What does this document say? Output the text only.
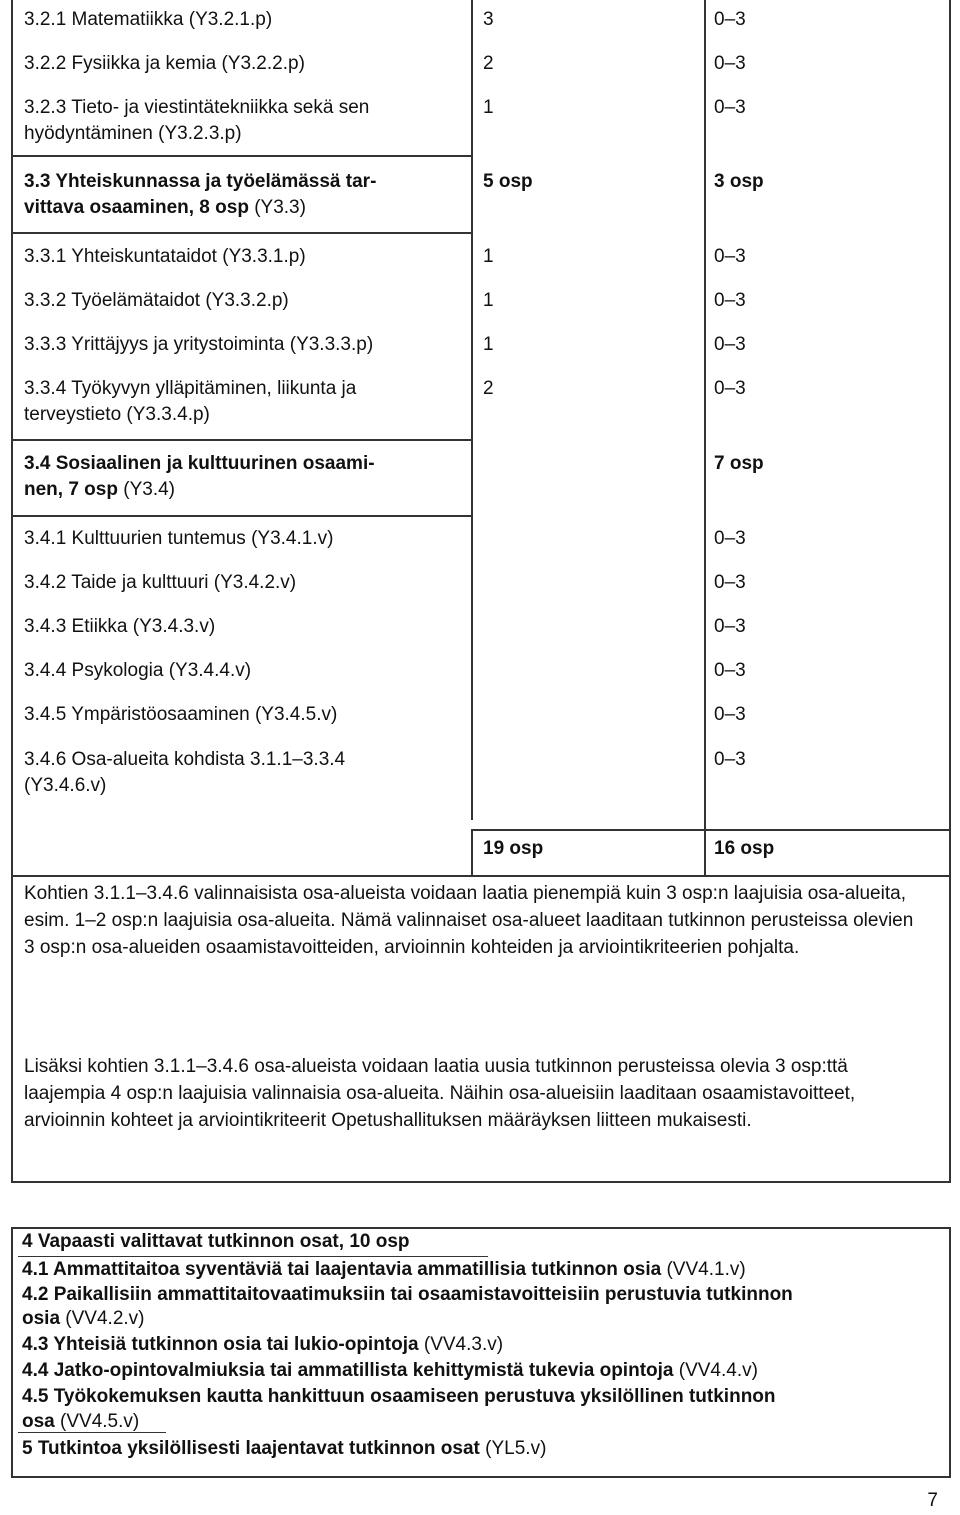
3.2.1 Matematiikka (Y3.2.1.p)
3.2.2 Fysiikka ja kemia (Y3.2.2.p)
3.2.3 Tieto- ja viestintätekniikka sekä sen
hyödyntäminen (Y3.2.3.p)
3.3 Yhteiskunnassa ja työelämässä tar-
vittava osaaminen, 8 osp (Y3.3)
3.3.1 Yhteiskuntataidot (Y3.3.1.p)
3.3.2 Työelämätaidot (Y3.3.2.p)
3.3.3 Yrittäjyys ja yritystoiminta (Y3.3.3.p)
3.3.4 Työkyvyn ylläpitäminen, liikunta ja
terveystieto (Y3.3.4.p)
3.4 Sosiaalinen ja kulttuurinen osaami-
nen, 7 osp (Y3.4)
3.4.1 Kulttuurien tuntemus (Y3.4.1.v)
3.4.2 Taide ja kulttuuri (Y3.4.2.v)
3.4.3 Etiikka (Y3.4.3.v)
3.4.4 Psykologia (Y3.4.4.v)
3.4.5 Ympäristöosaaminen (Y3.4.5.v)
3.4.6 Osa-alueita kohdista 3.1.1–3.3.4
(Y3.4.6.v)
3
2
1
5 osp
1
1
1
2
0–3
0–3
0–3
3 osp
0–3
0–3
0–3
0–3
7 osp
0–3
0–3
0–3
0–3
0–3
0–3
19 osp	16 osp
Kohtien 3.1.1–3.4.6 valinnaisista osa-alueista voidaan laatia pienempiä kuin 3 osp:n laajuisia osa-alueita, esim. 1–2 osp:n laajuisia osa-alueita. Nämä valinnaiset osa-alueet laaditaan tutkinnon perusteissa olevien 3 osp:n osa-alueiden osaamistavoitteiden, arvioinnin kohteiden ja arviointikriteerien pohjalta.
Lisäksi kohtien 3.1.1–3.4.6 osa-alueista voidaan laatia uusia tutkinnon perusteissa olevia 3 osp:ttä laajempia 4 osp:n laajuisia valinnaisia osa-alueita. Näihin osa-alueisiin laaditaan osaamistavoitteet, arvioinnin kohteet ja arviointikriteerit Opetushallituksen määräyksen liitteen mukaisesti.
4 Vapaasti valittavat tutkinnon osat, 10 osp
4.1 Ammattitaitoa syventäviä tai laajentavia ammatillisia tutkinnon osia (VV4.1.v)
4.2 Paikallisiin ammattitaitovaatimuksiin tai osaamistavoitteisiin perustuvia tutkinnon
osia (VV4.2.v)
4.3 Yhteisiä tutkinnon osia tai lukio-opintoja (VV4.3.v)
4.4 Jatko-opintovalmiuksia tai ammatillista kehittymistä tukevia opintoja (VV4.4.v)
4.5 Työkokemuksen kautta hankittuun osaamiseen perustuva yksilöllinen tutkinnon
osa (VV4.5.v)
5 Tutkintoa yksilöllisesti laajentavat tutkinnon osat (YL5.v)
7
